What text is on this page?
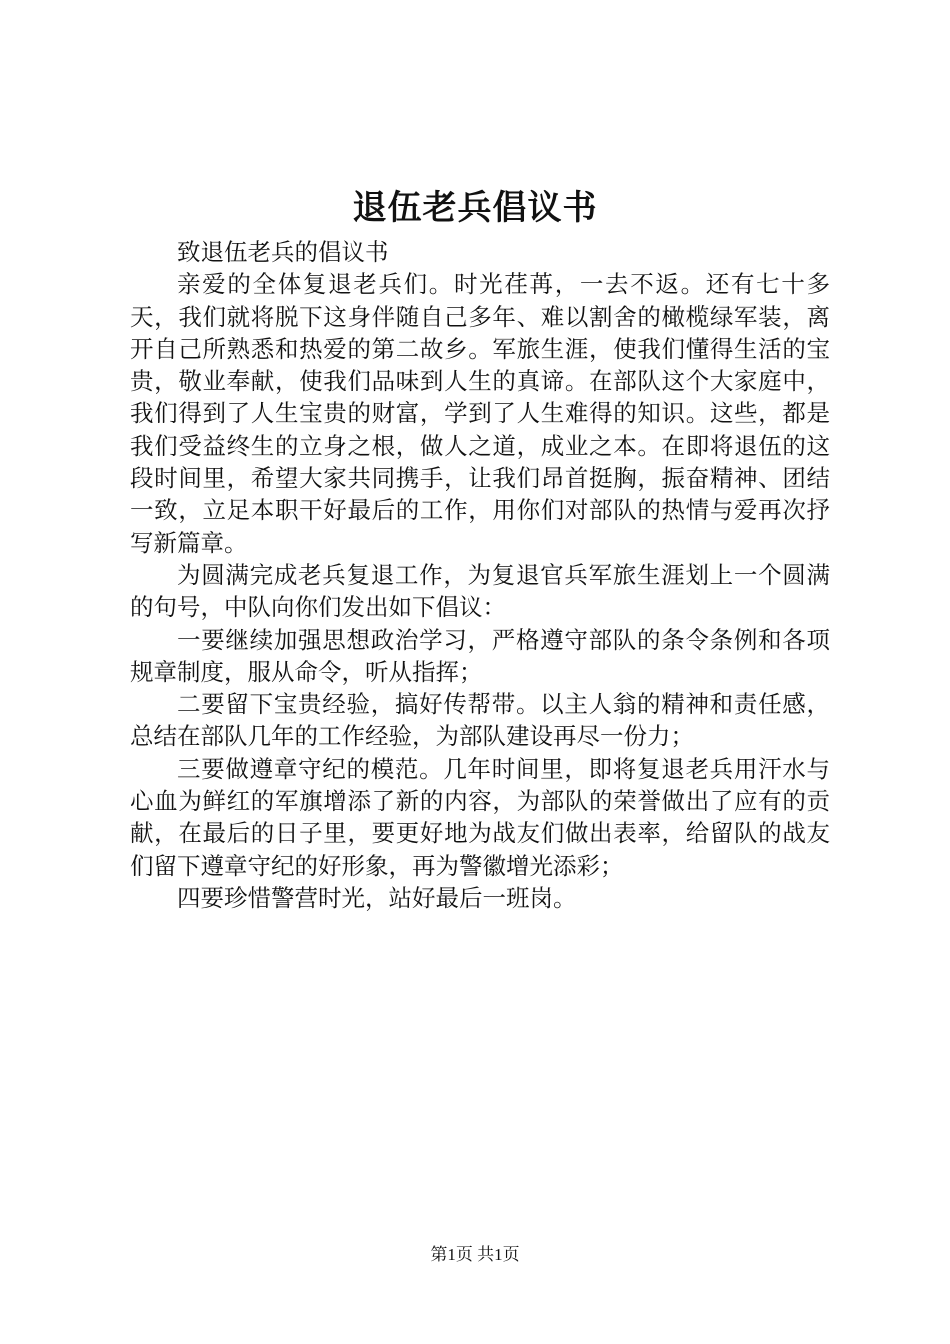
退伍老兵倡议书

致退伍老兵的倡议书

亲爱的全体复退老兵们。时光荏苒，一去不返。还有七十多天，我们就将脱下这身伴随自己多年、难以割舍的橄榄绿军装，离开自己所熟悉和热爱的第二故乡。军旅生涯，使我们懂得生活的宝贵，敬业奉献，使我们品味到人生的真谛。在部队这个大家庭中，我们得到了人生宝贵的财富，学到了人生难得的知识。这些，都是我们受益终生的立身之根，做人之道，成业之本。在即将退伍的这段时间里，希望大家共同携手，让我们昂首挺胸，振奋精神、团结一致，立足本职干好最后的工作，用你们对部队的热情与爱再次抒写新篇章。

为圆满完成老兵复退工作，为复退官兵军旅生涯划上一个圆满的句号，中队向你们发出如下倡议：

一要继续加强思想政治学习，严格遵守部队的条令条例和各项规章制度，服从命令，听从指挥；

二要留下宝贵经验，搞好传帮带。以主人翁的精神和责任感，总结在部队几年的工作经验，为部队建设再尽一份力；

三要做遵章守纪的模范。几年时间里，即将复退老兵用汗水与心血为鲜红的军旗增添了新的内容，为部队的荣誉做出了应有的贡献，在最后的日子里，要更好地为战友们做出表率，给留队的战友们留下遵章守纪的好形象，再为警徽增光添彩；

四要珍惜警营时光，站好最后一班岗。

第1页 共1页
